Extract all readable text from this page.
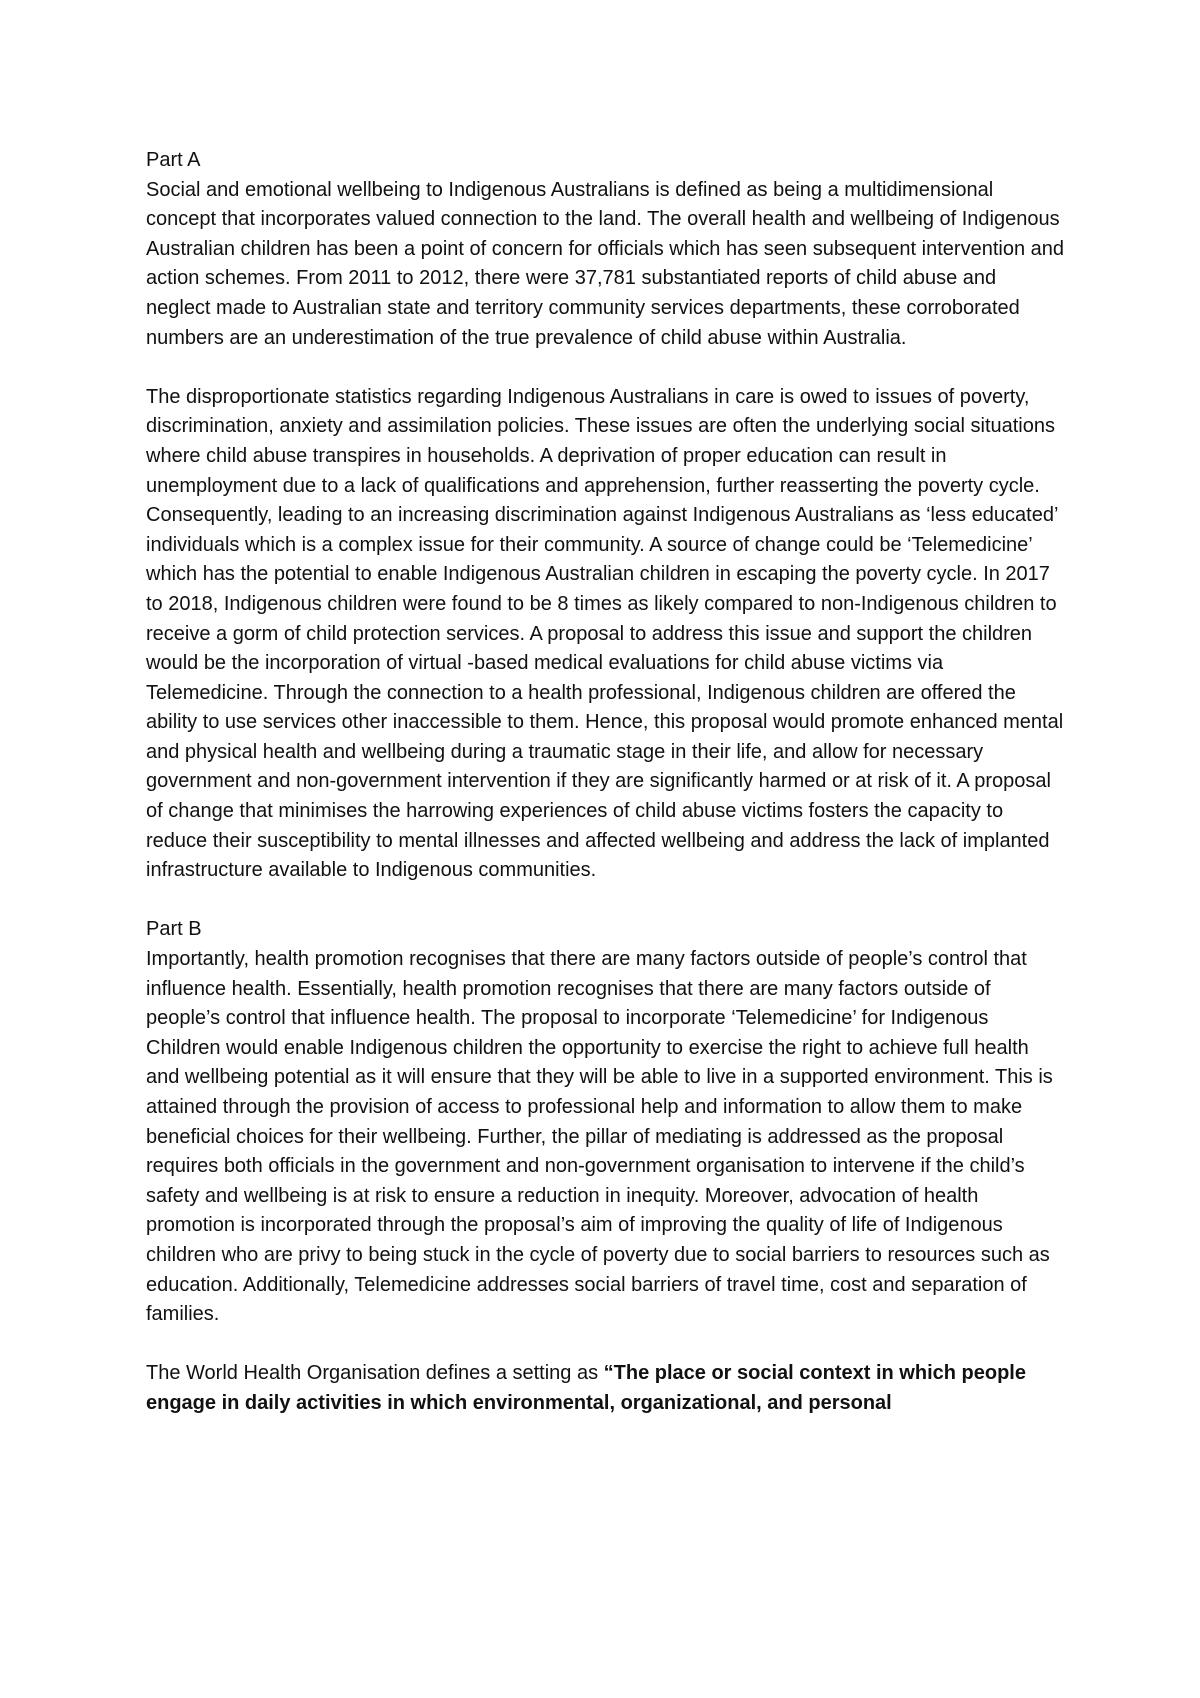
Part A
Social and emotional wellbeing to Indigenous Australians is defined as being a multidimensional concept that incorporates valued connection to the land. The overall health and wellbeing of Indigenous Australian children has been a point of concern for officials which has seen subsequent intervention and action schemes. From 2011 to 2012, there were 37,781 substantiated reports of child abuse and neglect made to Australian state and territory community services departments, these corroborated numbers are an underestimation of the true prevalence of child abuse within Australia.

The disproportionate statistics regarding Indigenous Australians in care is owed to issues of poverty, discrimination, anxiety and assimilation policies. These issues are often the underlying social situations where child abuse transpires in households. A deprivation of proper education can result in unemployment due to a lack of qualifications and apprehension, further reasserting the poverty cycle. Consequently, leading to an increasing discrimination against Indigenous Australians as ‘less educated’ individuals which is a complex issue for their community. A source of change could be ‘Telemedicine’ which has the potential to enable Indigenous Australian children in escaping the poverty cycle. In 2017 to 2018, Indigenous children were found to be 8 times as likely compared to non-Indigenous children to receive a gorm of child protection services. A proposal to address this issue and support the children would be the incorporation of virtual -based medical evaluations for child abuse victims via Telemedicine. Through the connection to a health professional, Indigenous children are offered the ability to use services other inaccessible to them. Hence, this proposal would promote enhanced mental and physical health and wellbeing during a traumatic stage in their life, and allow for necessary government and non-government intervention if they are significantly harmed or at risk of it. A proposal of change that minimises the harrowing experiences of child abuse victims fosters the capacity to reduce their susceptibility to mental illnesses and affected wellbeing and address the lack of implanted infrastructure available to Indigenous communities.

Part B
Importantly, health promotion recognises that there are many factors outside of people’s control that influence health. Essentially, health promotion recognises that there are many factors outside of people’s control that influence health. The proposal to incorporate ‘Telemedicine’ for Indigenous Children would enable Indigenous children the opportunity to exercise the right to achieve full health and wellbeing potential as it will ensure that they will be able to live in a supported environment. This is attained through the provision of access to professional help and information to allow them to make beneficial choices for their wellbeing. Further, the pillar of mediating is addressed as the proposal requires both officials in the government and non-government organisation to intervene if the child’s safety and wellbeing is at risk to ensure a reduction in inequity. Moreover, advocation of health promotion is incorporated through the proposal’s aim of improving the quality of life of Indigenous children who are privy to being stuck in the cycle of poverty due to social barriers to resources such as education. Additionally, Telemedicine addresses social barriers of travel time, cost and separation of families.

The World Health Organisation defines a setting as “The place or social context in which people engage in daily activities in which environmental, organizational, and personal
